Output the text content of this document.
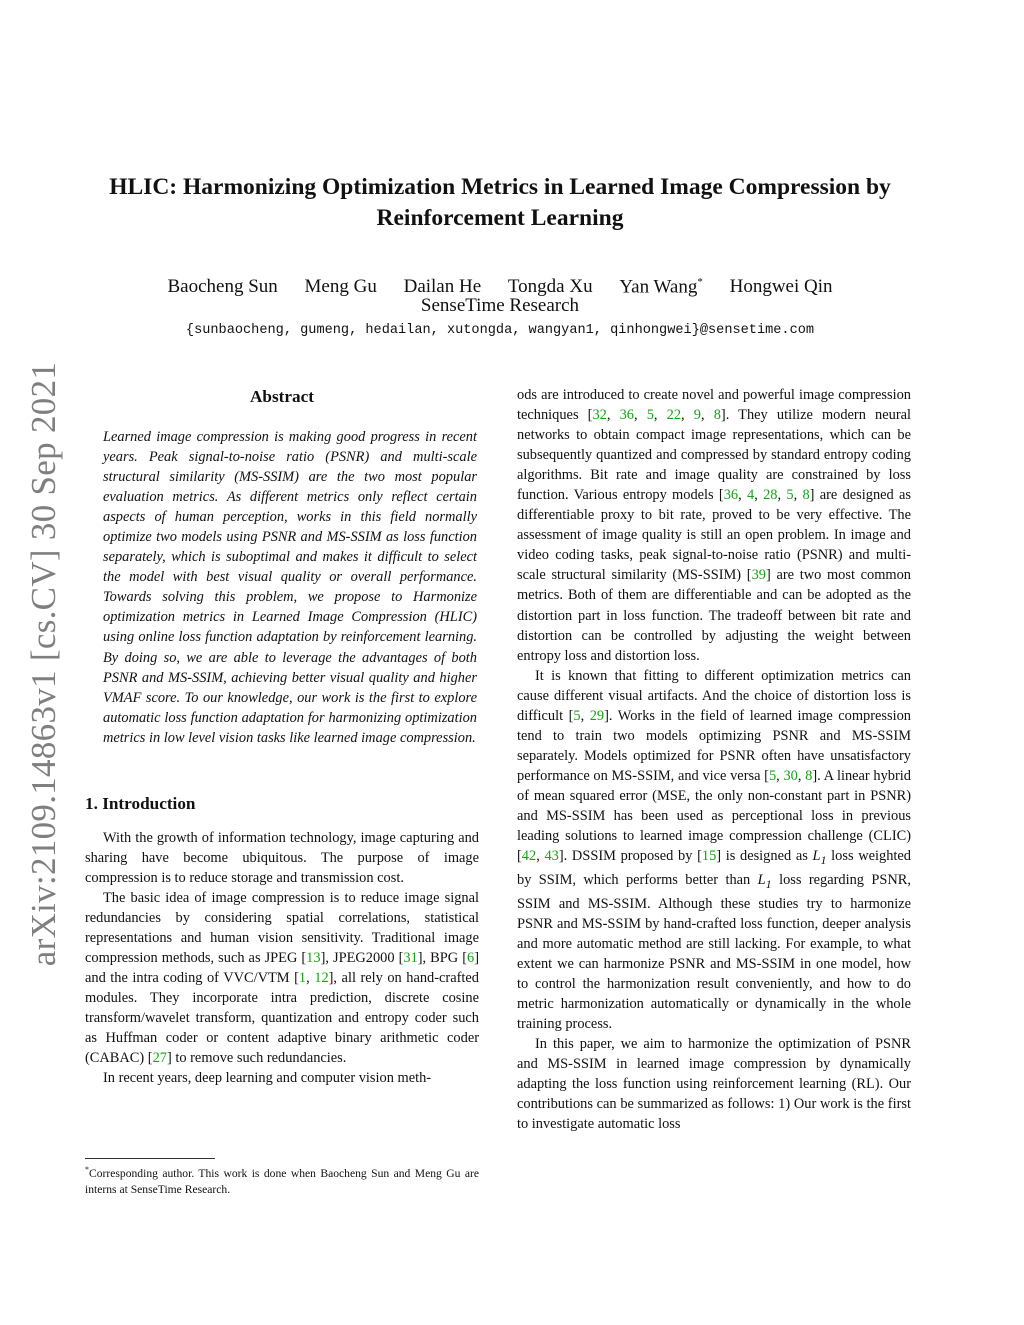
arXiv:2109.14863v1 [cs.CV] 30 Sep 2021
HLIC: Harmonizing Optimization Metrics in Learned Image Compression by Reinforcement Learning
Baocheng Sun Meng Gu Dailan He Tongda Xu Yan Wang* Hongwei Qin
SenseTime Research
{sunbaocheng, gumeng, hedailan, xutongda, wangyan1, qinhongwei}@sensetime.com
Abstract

Learned image compression is making good progress in recent years. Peak signal-to-noise ratio (PSNR) and multi-scale structural similarity (MS-SSIM) are the two most popular evaluation metrics. As different metrics only reflect certain aspects of human perception, works in this field normally optimize two models using PSNR and MS-SSIM as loss function separately, which is suboptimal and makes it difficult to select the model with best visual quality or overall performance. Towards solving this problem, we propose to Harmonize optimization metrics in Learned Image Compression (HLIC) using online loss function adaptation by reinforcement learning. By doing so, we are able to leverage the advantages of both PSNR and MS-SSIM, achieving better visual quality and higher VMAF score. To our knowledge, our work is the first to explore automatic loss function adaptation for harmonizing optimization metrics in low level vision tasks like learned image compression.

1. Introduction

With the growth of information technology, image capturing and sharing have become ubiquitous. The purpose of image compression is to reduce storage and transmission cost.

The basic idea of image compression is to reduce image signal redundancies by considering spatial correlations, statistical representations and human vision sensitivity. Traditional image compression methods, such as JPEG [13], JPEG2000 [31], BPG [6] and the intra coding of VVC/VTM [1, 12], all rely on hand-crafted modules. They incorporate intra prediction, discrete cosine transform/wavelet transform, quantization and entropy coder such as Huffman coder or content adaptive binary arithmetic coder (CABAC) [27] to remove such redundancies.

In recent years, deep learning and computer vision meth-

*Corresponding author. This work is done when Baocheng Sun and Meng Gu are interns at SenseTime Research.

ods are introduced to create novel and powerful image compression techniques [32, 36, 5, 22, 9, 8]. They utilize modern neural networks to obtain compact image representations, which can be subsequently quantized and compressed by standard entropy coding algorithms. Bit rate and image quality are constrained by loss function. Various entropy models [36, 4, 28, 5, 8] are designed as differentiable proxy to bit rate, proved to be very effective. The assessment of image quality is still an open problem. In image and video coding tasks, peak signal-to-noise ratio (PSNR) and multi-scale structural similarity (MS-SSIM) [39] are two most common metrics. Both of them are differentiable and can be adopted as the distortion part in loss function. The tradeoff between bit rate and distortion can be controlled by adjusting the weight between entropy loss and distortion loss.

It is known that fitting to different optimization metrics can cause different visual artifacts. And the choice of distortion loss is difficult [5, 29]. Works in the field of learned image compression tend to train two models optimizing PSNR and MS-SSIM separately. Models optimized for PSNR often have unsatisfactory performance on MS-SSIM, and vice versa [5, 30, 8]. A linear hybrid of mean squared error (MSE, the only non-constant part in PSNR) and MS-SSIM has been used as perceptional loss in previous leading solutions to learned image compression challenge (CLIC) [42, 43]. DSSIM proposed by [15] is designed as $L_1$ loss weighted by SSIM, which performs better than $L_1$ loss regarding PSNR, SSIM and MS-SSIM. Although these studies try to harmonize PSNR and MS-SSIM by hand-crafted loss function, deeper analysis and more automatic method are still lacking. For example, to what extent we can harmonize PSNR and MS-SSIM in one model, how to control the harmonization result conveniently, and how to do metric harmonization automatically or dynamically in the whole training process.

In this paper, we aim to harmonize the optimization of PSNR and MS-SSIM in learned image compression by dynamically adapting the loss function using reinforcement learning (RL). Our contributions can be summarized as follows: 1) Our work is the first to investigate automatic loss
